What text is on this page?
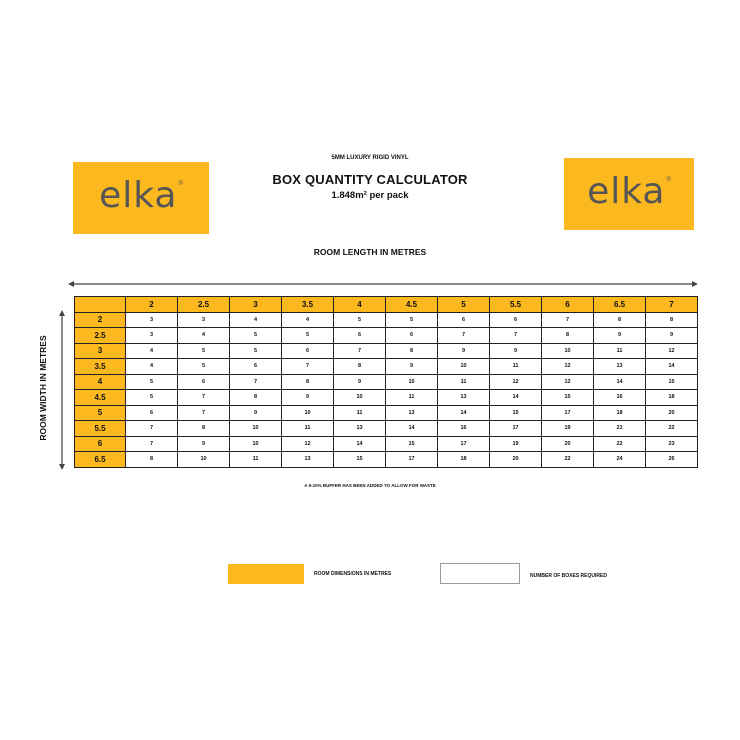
elka ®	elka ®
5MM LUXURY RIGID VINYL
BOX QUANTITY CALCULATOR
1.848m² per pack
ROOM LENGTH IN METRES
ROOM WIDTH IN METRES
	2	2.5	3	3.5	4	4.5	5	5.5	6	6.5	7
2	3	3	4	4	5	5	6	6	7	8	8
2.5	3	4	5	5	6	6	7	7	8	9	9
3	4	5	5	6	7	8	9	9	10	11	12
3.5	4	5	6	7	8	9	10	11	12	13	14
4	5	6	7	8	9	10	11	12	12	14	15
4.5	5	7	8	9	10	11	13	14	15	16	18
5	6	7	9	10	11	13	14	15	17	18	20
5.5	7	8	10	11	13	14	16	17	19	21	22
6	7	9	10	12	14	15	17	19	20	22	23
6.5	8	10	11	13	15	17	18	20	22	24	26
A 5-10% BUFFER HAS BEEN ADDED TO ALLOW FOR WASTE
ROOM DIMENSIONS IN METRES	NUMBER OF BOXES REQUIRED
